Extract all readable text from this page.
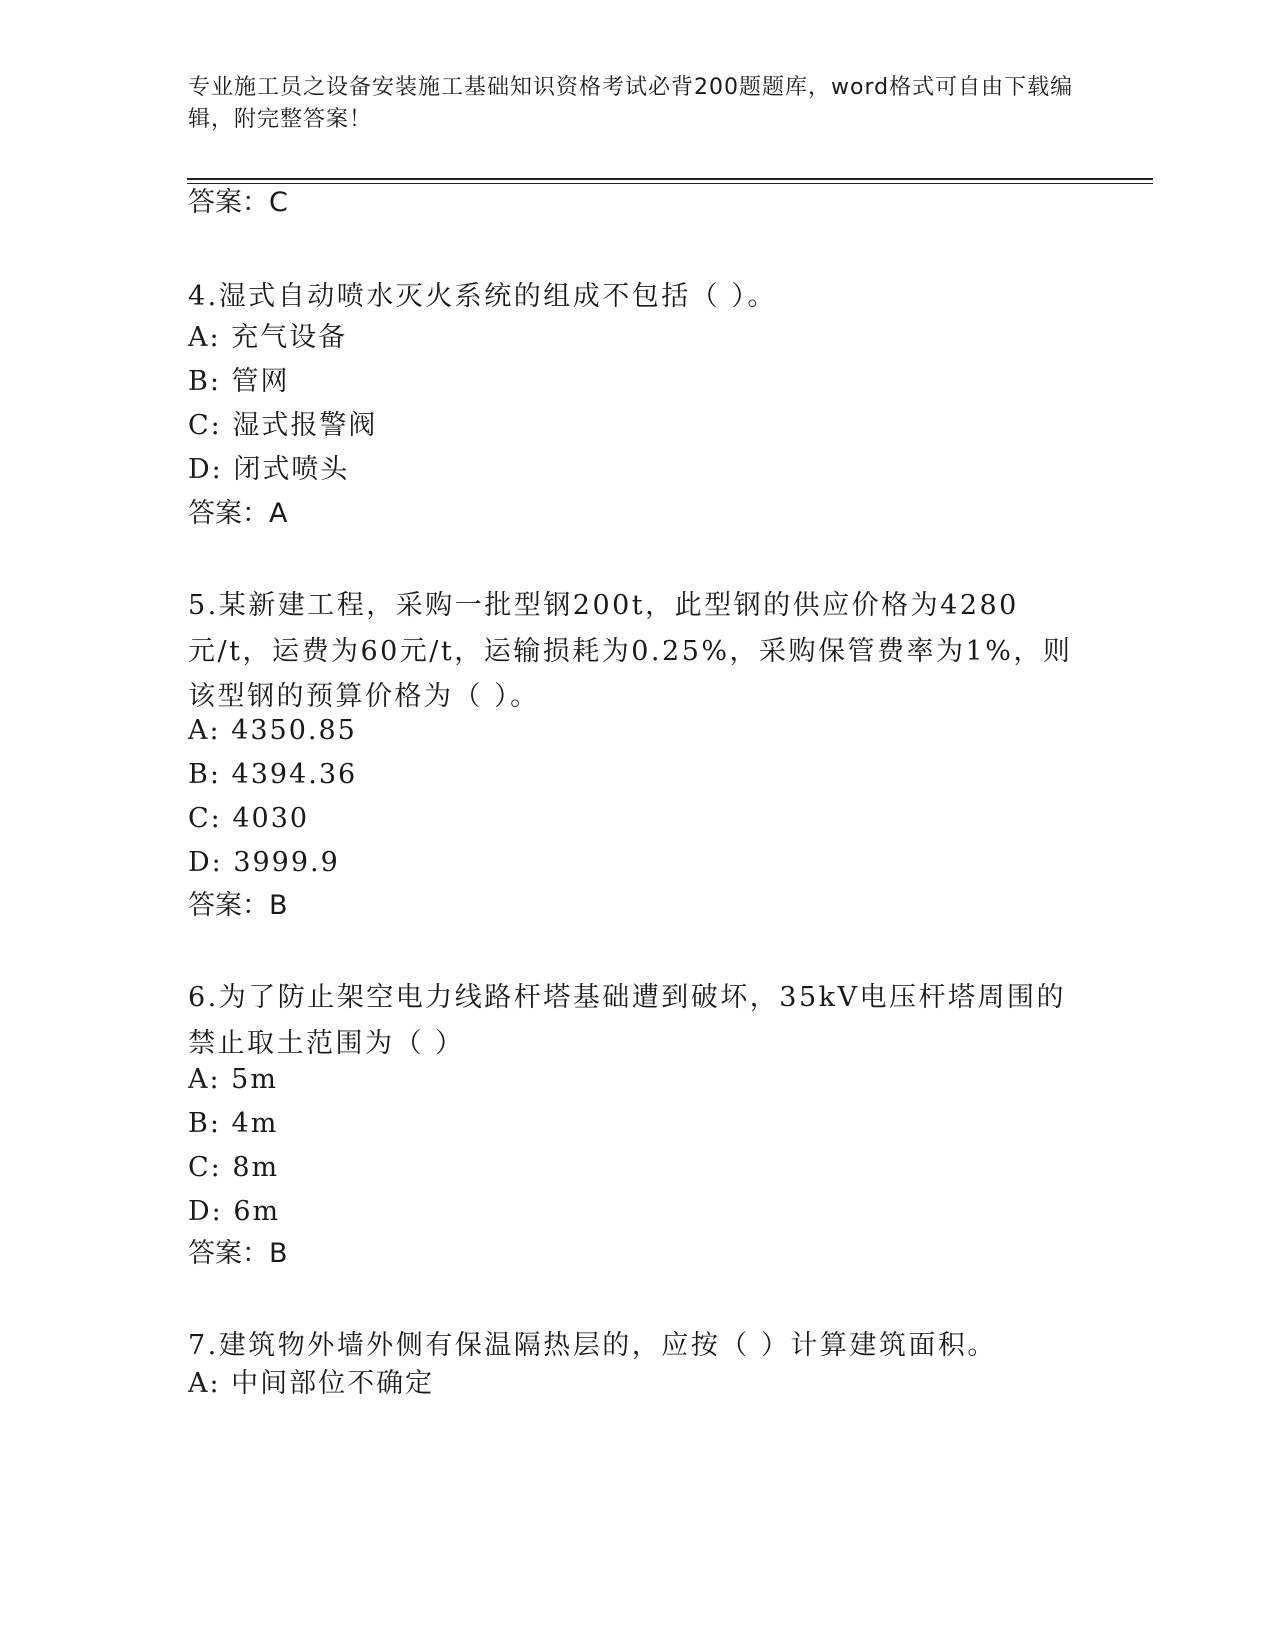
专业施工员之设备安装施工基础知识资格考试必背200题题库，word格式可自由下载编辑，附完整答案！
答案：C
4.湿式自动喷水灭火系统的组成不包括（ ）。
A: 充气设备
B: 管网
C: 湿式报警阀
D: 闭式喷头
答案：A
5.某新建工程，采购一批型钢200t，此型钢的供应价格为4280元/t，运费为60元/t，运输损耗为0.25%，采购保管费率为1%，则该型钢的预算价格为（ ）。
A: 4350.85
B: 4394.36
C: 4030
D: 3999.9
答案：B
6.为了防止架空电力线路杆塔基础遭到破坏，35kV电压杆塔周围的禁止取土范围为（ ）
A: 5m
B: 4m
C: 8m
D: 6m
答案：B
7.建筑物外墙外侧有保温隔热层的，应按（ ）计算建筑面积。
A: 中间部位不确定
